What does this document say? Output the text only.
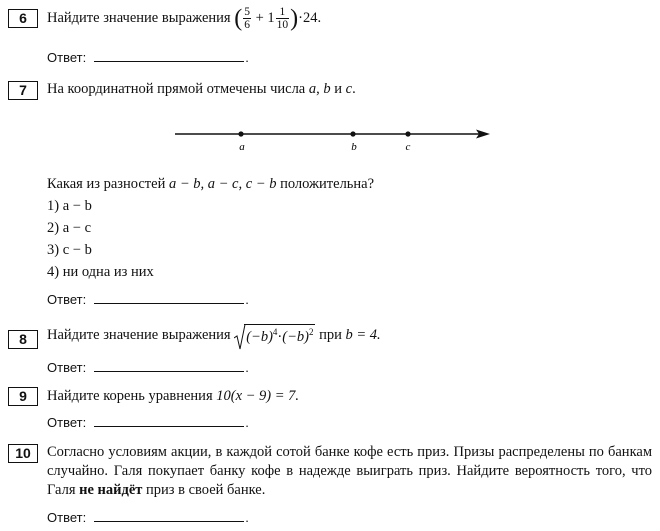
6	Найдите значение выражения ( $\frac{5}{6} + 1 \frac{1}{10} )\cdot 24$.
Ответ:	.
7	На координатной прямой отмечены числа a, b и c.
a	b	c
Какая из разностей a − b, a − c, c − b положительна?
1) a − b
2) a − c
3) c − b
4) ни одна из них
Ответ:	.
8	Найдите значение выражения $(-b)^4\cdot(-b)^2$ при b = 4.
Ответ:	.
9	Найдите корень уравнения 10(x − 9) = 7.
Ответ:	.
10	Согласно условиям акции, в каждой сотой банке кофе есть приз. Призы распределены по банкам случайно. Галя покупает банку кофе в надежде выиграть приз. Найдите вероятность того, что Галя не найдёт приз в своей банке.
Ответ:	.
